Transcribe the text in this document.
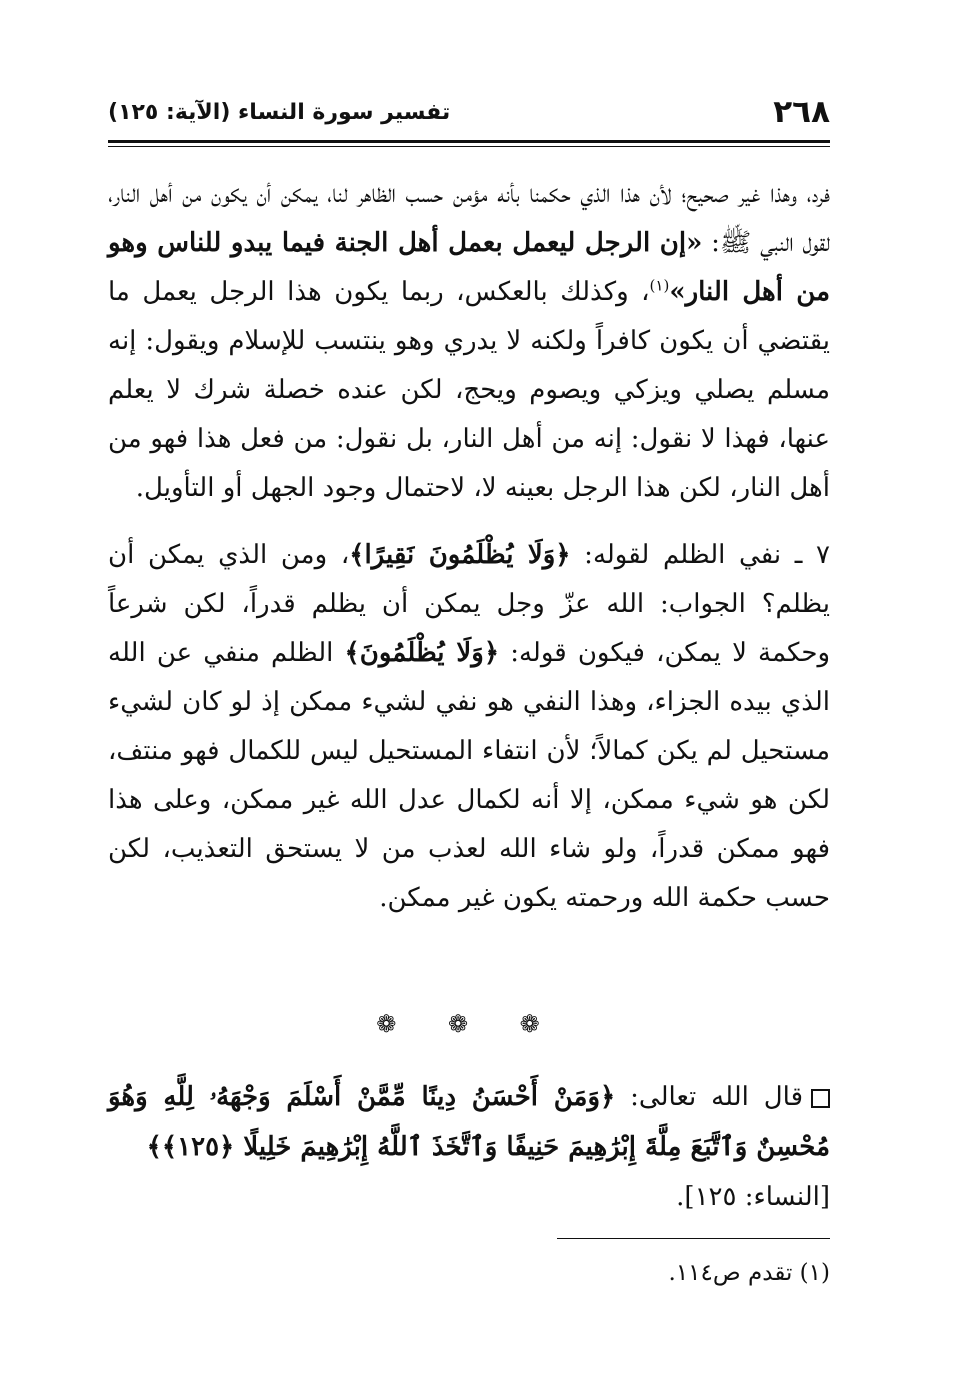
٢٦٨
تفسير سورة النساء (الآية: ١٢٥)

فرد، وهذا غير صحيح؛ لأن هذا الذي حكمنا بأنه مؤمن حسب الظاهر لنا، يمكن أن يكون من أهل النار، لقول النبي ﷺ: «إن الرجل ليعمل بعمل أهل الجنة فيما يبدو للناس وهو من أهل النار»$^{(١)}$، وكذلك بالعكس، ربما يكون هذا الرجل يعمل ما يقتضي أن يكون كافراً ولكنه لا يدري وهو ينتسب للإسلام ويقول: إنه مسلم يصلي ويزكي ويصوم ويحج، لكن عنده خصلة شرك لا يعلم عنها، فهذا لا نقول: إنه من أهل النار، بل نقول: من فعل هذا فهو من أهل النار، لكن هذا الرجل بعينه لا، لاحتمال وجود الجهل أو التأويل.

٧ ـ نفي الظلم لقوله: ﴿وَلَا يُظْلَمُونَ نَقِيرًا﴾، ومن الذي يمكن أن يظلم؟ الجواب: الله عزّ وجل يمكن أن يظلم قدراً، لكن شرعاً وحكمة لا يمكن، فيكون قوله: ﴿وَلَا يُظْلَمُونَ﴾ الظلم منفي عن الله الذي بيده الجزاء، وهذا النفي هو نفي لشيء ممكن إذ لو كان لشيء مستحيل لم يكن كمالاً؛ لأن انتفاء المستحيل ليس للكمال فهو منتف، لكن هو شيء ممكن، إلا أنه لكمال عدل الله غير ممكن، وعلى هذا فهو ممكن قدراً، ولو شاء الله لعذب من لا يستحق التعذيب، لكن حسب حكمة الله ورحمته يكون غير ممكن.

❁ ❁ ❁

قال الله تعالى: ﴿وَمَنْ أَحْسَنُ دِينًا مِّمَّنْ أَسْلَمَ وَجْهَهُۥ لِلَّهِ وَهُوَ مُحْسِنٌ وَٱتَّبَعَ مِلَّةَ إِبْرَٰهِيمَ حَنِيفًا وَٱتَّخَذَ ٱللَّهُ إِبْرَٰهِيمَ خَلِيلًا ﴿١٢٥﴾﴾
[النساء: ١٢٥].

(١) تقدم ص١١٤.
